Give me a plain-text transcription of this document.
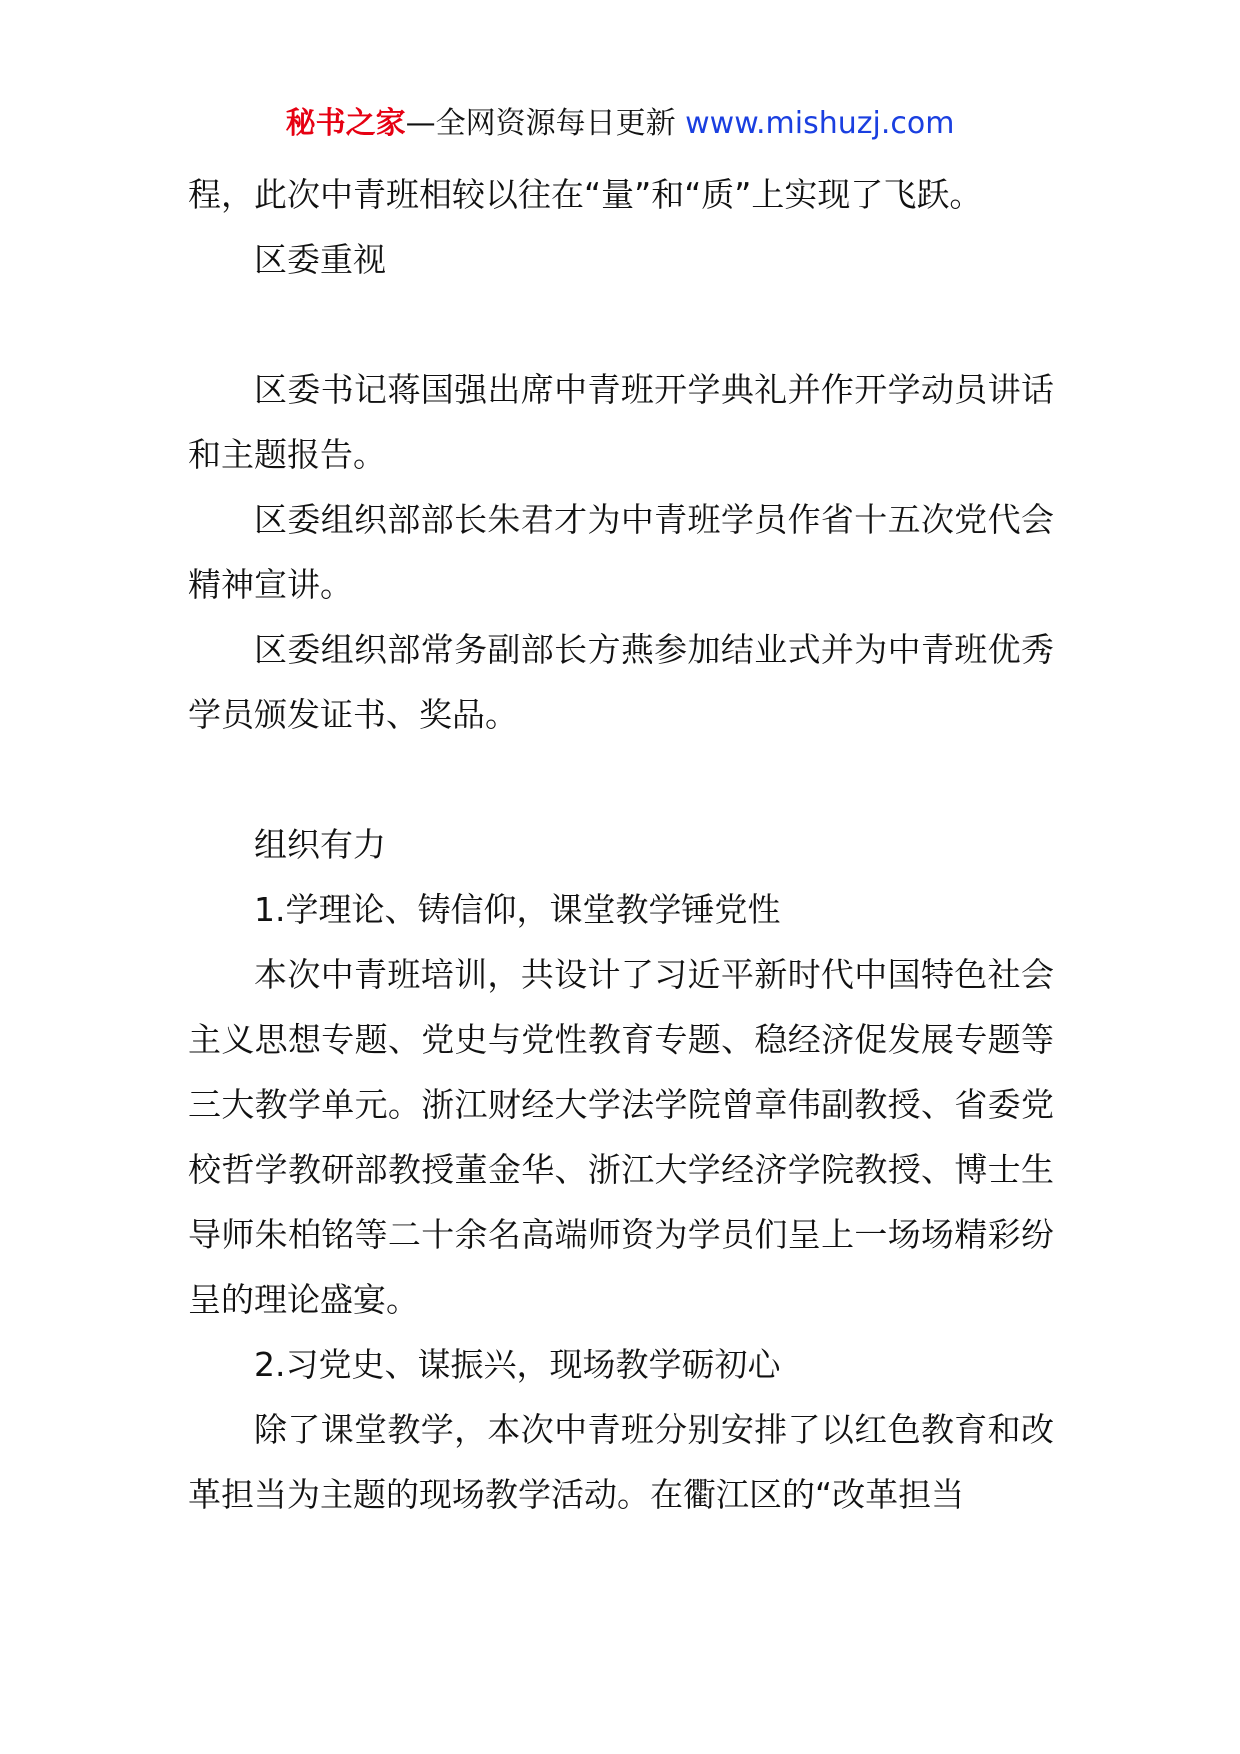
秘书之家—全网资源每日更新 www.mishuzj.com

程，此次中青班相较以往在“量”和“质”上实现了飞跃。

区委重视

区委书记蒋国强出席中青班开学典礼并作开学动员讲话和主题报告。

区委组织部部长朱君才为中青班学员作省十五次党代会精神宣讲。

区委组织部常务副部长方燕参加结业式并为中青班优秀学员颁发证书、奖品。

组织有力

1.学理论、铸信仰，课堂教学锤党性

本次中青班培训，共设计了习近平新时代中国特色社会主义思想专题、党史与党性教育专题、稳经济促发展专题等三大教学单元。浙江财经大学法学院曾章伟副教授、省委党校哲学教研部教授董金华、浙江大学经济学院教授、博士生导师朱柏铭等二十余名高端师资为学员们呈上一场场精彩纷呈的理论盛宴。

2.习党史、谋振兴，现场教学砺初心

除了课堂教学，本次中青班分别安排了以红色教育和改革担当为主题的现场教学活动。在衢江区的“改革担当
